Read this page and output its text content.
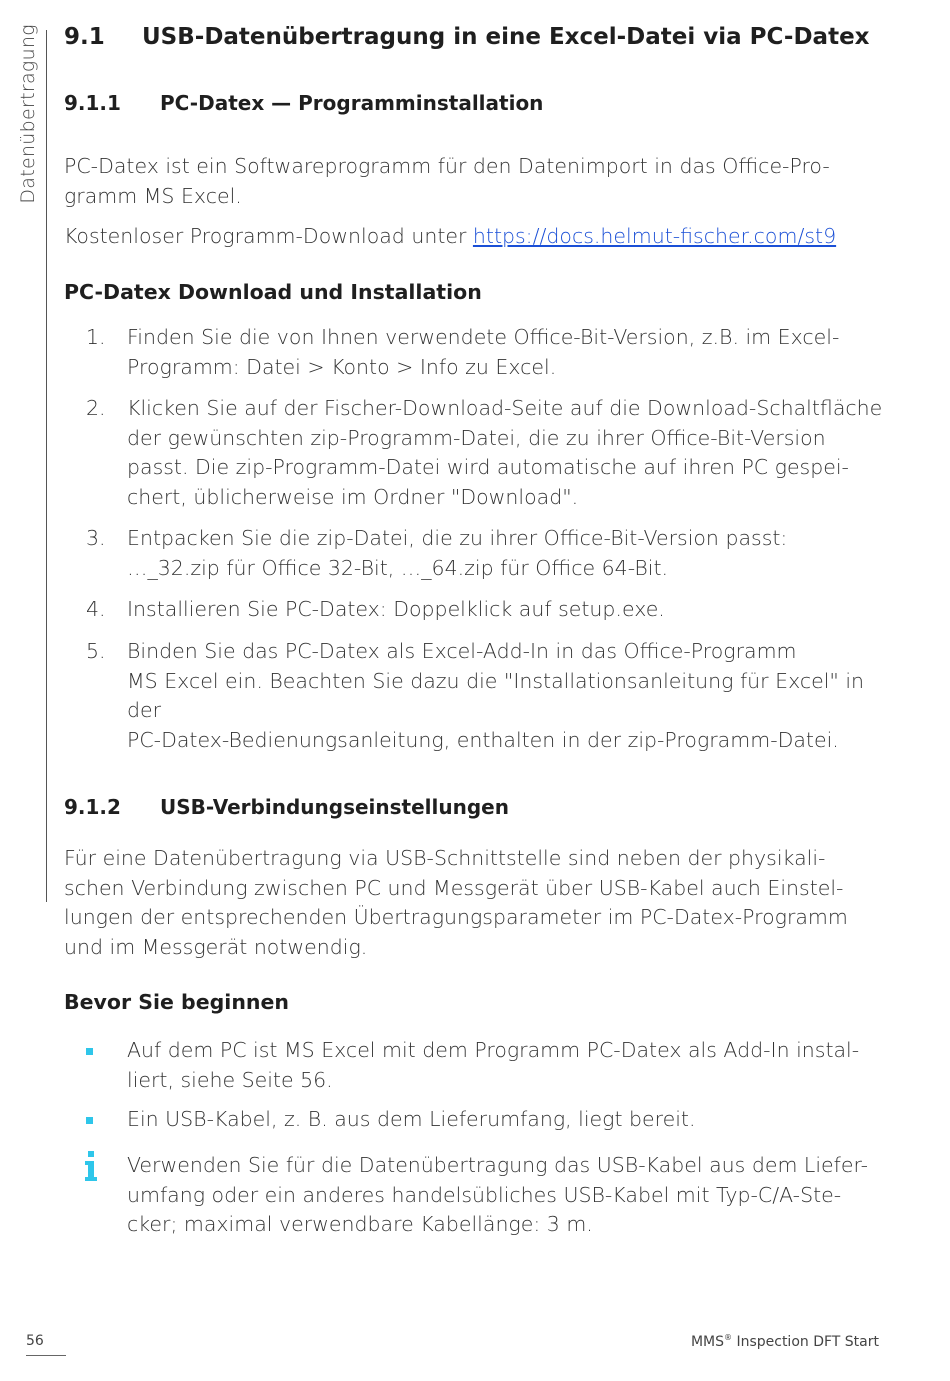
Datenübertragung 9.1 USB-Datenübertragung in eine Excel-Datei via PC-Datex
9.1.1 PC-Datex — Programminstallation
PC-Datex ist ein Softwareprogramm für den Datenimport in das Office-Pro-
gramm MS Excel.
Kostenloser Programm-Download unter https://docs.helmut-fischer.com/st9
PC-Datex Download und Installation
1.	Finden Sie die von Ihnen verwendete Office-Bit-Version, z.B. im Excel-
Programm: Datei > Konto > Info zu Excel.
2.	Klicken Sie auf der Fischer-Download-Seite auf die Download-Schaltfläche
der gewünschten zip-Programm-Datei, die zu ihrer Office-Bit-Version
passt. Die zip-Programm-Datei wird automatische auf ihren PC gespei-
chert, üblicherweise im Ordner "Download".
3.	Entpacken Sie die zip-Datei, die zu ihrer Office-Bit-Version passt:
…_32.zip für Office 32-Bit, …_64.zip für Office 64-Bit.
4.	Installieren Sie PC-Datex: Doppelklick auf setup.exe.
5.	Binden Sie das PC-Datex als Excel-Add-In in das Office-Programm
MS Excel ein. Beachten Sie dazu die "Installationsanleitung für Excel" in der
PC-Datex-Bedienungsanleitung, enthalten in der zip-Programm-Datei.
9.1.2 USB-Verbindungseinstellungen
Für eine Datenübertragung via USB-Schnittstelle sind neben der physikali-
schen Verbindung zwischen PC und Messgerät über USB-Kabel auch Einstel-
lungen der entsprechenden Übertragungsparameter im PC-Datex-Programm
und im Messgerät notwendig.
Bevor Sie beginnen
Auf dem PC ist MS Excel mit dem Programm PC-Datex als Add-In instal-
liert, siehe Seite 56.
Ein USB-Kabel, z. B. aus dem Lieferumfang, liegt bereit.
Verwenden Sie für die Datenübertragung das USB-Kabel aus dem Liefer-
umfang oder ein anderes handelsübliches USB-Kabel mit Typ-C/A-Ste-
cker; maximal verwendbare Kabellänge: 3 m.
56	MMS® Inspection DFT Start
